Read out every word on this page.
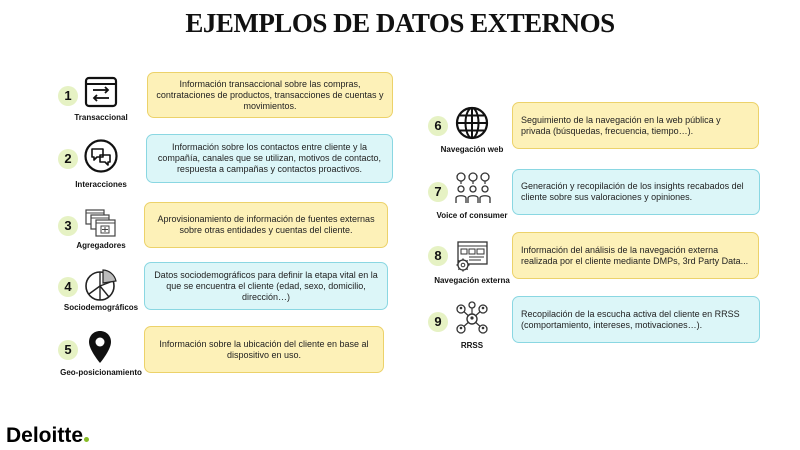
EJEMPLOS DE DATOS EXTERNOS
1
Transaccional
Información transaccional sobre las compras, contrataciones de productos, transacciones de cuentas y movimientos.
2
Interacciones
Información sobre los contactos entre cliente y la compañía, canales que se utilizan, motivos de contacto, respuesta a campañas y contactos proactivos.
3
Agregadores
Aprovisionamiento de información de fuentes externas sobre otras entidades y cuentas del cliente.
4
Sociodemográficos
Datos sociodemográficos para definir la etapa vital en la que se encuentra el cliente (edad, sexo, domicilio, dirección…)
5
Geo-posicionamiento
Información sobre la ubicación del cliente en base al dispositivo en uso.
6
Navegación web
Seguimiento de la navegación en la web pública y privada (búsquedas, frecuencia, tiempo…).
7
Voice of consumer
Generación y recopilación de los insights recabados del cliente sobre sus valoraciones y opiniones.
8
Navegación externa
Información del análisis de la navegación externa realizada por el cliente mediante DMPs, 3rd Party Data...
9
RRSS
Recopilación de la escucha activa del cliente en RRSS (comportamiento, intereses, motivaciones…).
Deloitte
